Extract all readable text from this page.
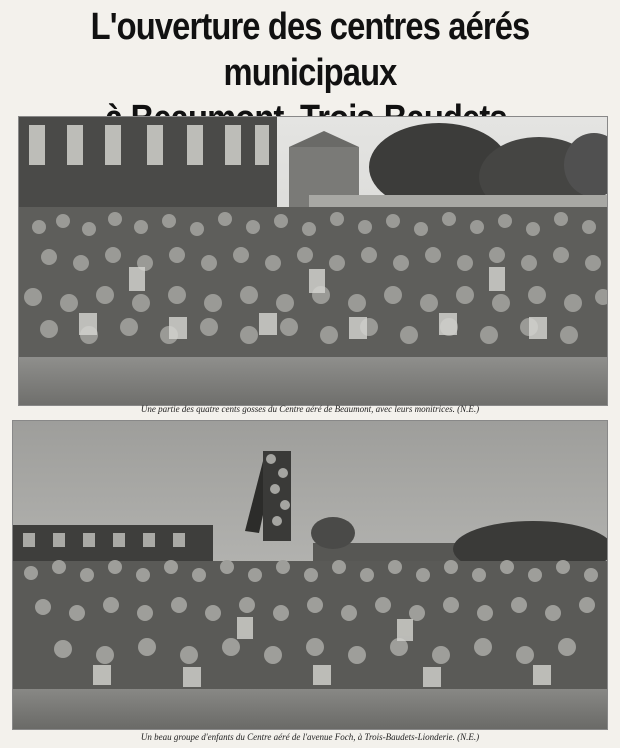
L'ouverture des centres aérés municipaux
Une partie des quatre cents gosses du Centre aéré de Beaumont, avec leurs monitrices. (N.E.)
Un beau groupe d'enfants du Centre aéré de l'avenue Foch, à Trois-Baudets-Lionderie. (N.E.)
